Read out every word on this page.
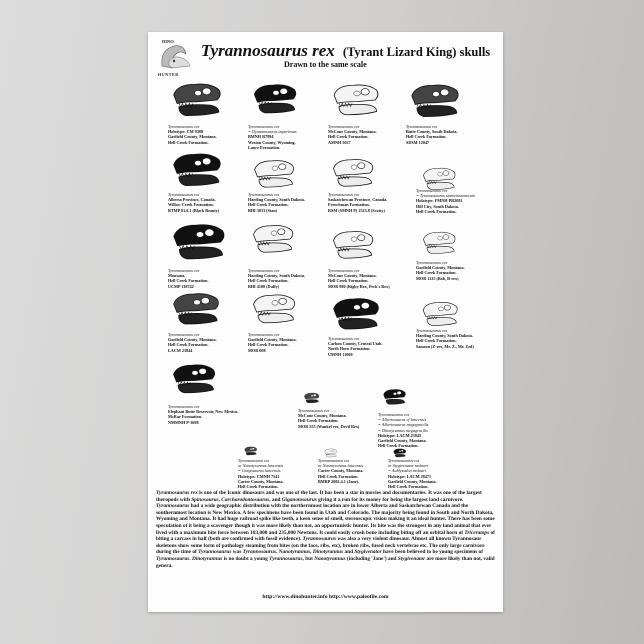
DINO
HUNTER
Tyrannosaurus rex (Tyrant Lizard King) skulls
Drawn to the same scale
Tyrannosaurus rex
Holotype: CM 9380
Garfield County, Montana.
Hell Creek Formation.
Tyrannosaurus rex
= Dynamosaurus imperiosus
BMNH R7994
Weston County, Wyoming.
Lance Formation.
Tyrannosaurus rex
McCone County, Montana.
Hell Creek Formation.
AMNH 5027
Tyrannosaurus rex
Butte County, South Dakota.
Hell Creek Formation.
SDSM 12047
Tyrannosaurus rex
Alberta Province, Canada.
Willow Creek Formation.
RTMP 81.6.1 (Black Beauty)
Tyrannosaurus rex
Harding County, South Dakota.
Hell Creek Formation.
BHI 3033 (Stan)
Tyrannosaurus rex
Saskatchewan Province, Canada.
Frenchman Formation.
RSM (SMNH P) 2523.8 (Scotty)
Tyrannosaurus rex
= Tyrannosaurus stanwinstonorum
Holotype: FMNH PR2081
Hill City, South Dakota.
Hell Creek Formation.
Tyrannosaurus rex
Montana.
Hell Creek Formation.
UCMP 118742
Tyrannosaurus rex
Harding County, South Dakota.
Hell Creek Formation.
BHI 4100 (Duffy)
Tyrannosaurus rex
McCone County, Montana.
Hell Creek Formation.
MOR 980 (Rigby Rex, Peck's Rex)
Tyrannosaurus rex
Garfield County, Montana.
Hell Creek Formation.
MOR 1125 (Bob, B-rex)
Tyrannosaurus rex
Garfield County, Montana.
Hell Creek Formation.
LACM 23844
Tyrannosaurus rex
Garfield County, Montana.
Hell Creek Formation.
MOR 008
Tyrannosaurus rex
Carbon County, Central Utah.
North Horn Formation.
UMNH 11000
Tyrannosaurus rex
Harding County, South Dakota.
Hell Creek Formation.
Samson (Z-rex, Mr. Z., Mr. Zed)
Tyrannosaurus rex
Elephant Butte Reservoir, New Mexico.
McRae Formation.
NMMNH P-3698
Tyrannosaurus rex
McCone County, Montana.
Hell Creek Formation.
MOR 555 (Wankel rex, Devil Rex)
Tyrannosaurus rex
= Albertosaurus cf lancensis
= Albertosaurus megagracilis
= Dinotyrannus megagracilis
Holotype: LACM 23845
Garfield County, Montana.
Hell Creek Formation.
Tyrannosaurus rex
or Nanotyrannus lancensis
= Gorgosaurus lancensis
Holotype: CMNH 7541
Carter County, Montana.
Hell Creek Formation.
Tyrannosaurus rex
or Nanotyrannus lancensis
Carter County, Montana.
Hell Creek Formation.
BMRP 2002.4.1 (Jane).
Tyrannosaurus rex
or Stygivenator molnari
= Aublysodon molnari
Holotype: LACM 28471
Garfield County, Montana.
Hell Creek Formation.
Tyrannosaurus rex is one of the Iconic dinosaurs and was one of the last. It has been a star in movies and documentaries. It was one of the largest theropods with Spinosaurus, Carcharodontosaurus, and Giganotosaurus giving it a run for its money for being the largest land carnivore. Tyrannosaurus had a wide geographic distribution with the northernmost location are in lower Alberta and Saskatchewan Canada and the southernmost location is New Mexico. A few specimens have been found in Utah and Colorado. The majority being found in South and North Dakota, Wyoming and Montana. It had huge railroad spike like teeth, a keen sense of smell, stereoscopic vision making it an ideal hunter. There has been some speculation of it being a scavenger though it was more likely than not, an opportunistic hunter. Its bite was the strongest in any land animal that ever lived with a maximum bite force between 183,000 and 235,000 Newtons. It could easily crush bone including biting off an orbital horn of Triceratops of biting a carcass in half (both are confirmed with fossil evidence). Tyrannosaurus was also a very violent dinosaur. Almost all known Tyrannosaur skeletons show some form of pathology steaming from bites (on the face, ribs, etc), broken ribs, fused neck vertebrae etc. The only large carnivore during the time of Tyrannosaurus was Tyrannosaurus. Nanotyrannus, Dinotyrannus and Stygivenator have been believed to be young specimens of Tyrannosaurus. Dinotyrannus is no doubt a young Tyrannosaurus, but Nanotyrannus (including 'Jane') and Stygivenator are more likely than not, valid genera.
http://www.dinohunter.info http://www.paleofile.com
